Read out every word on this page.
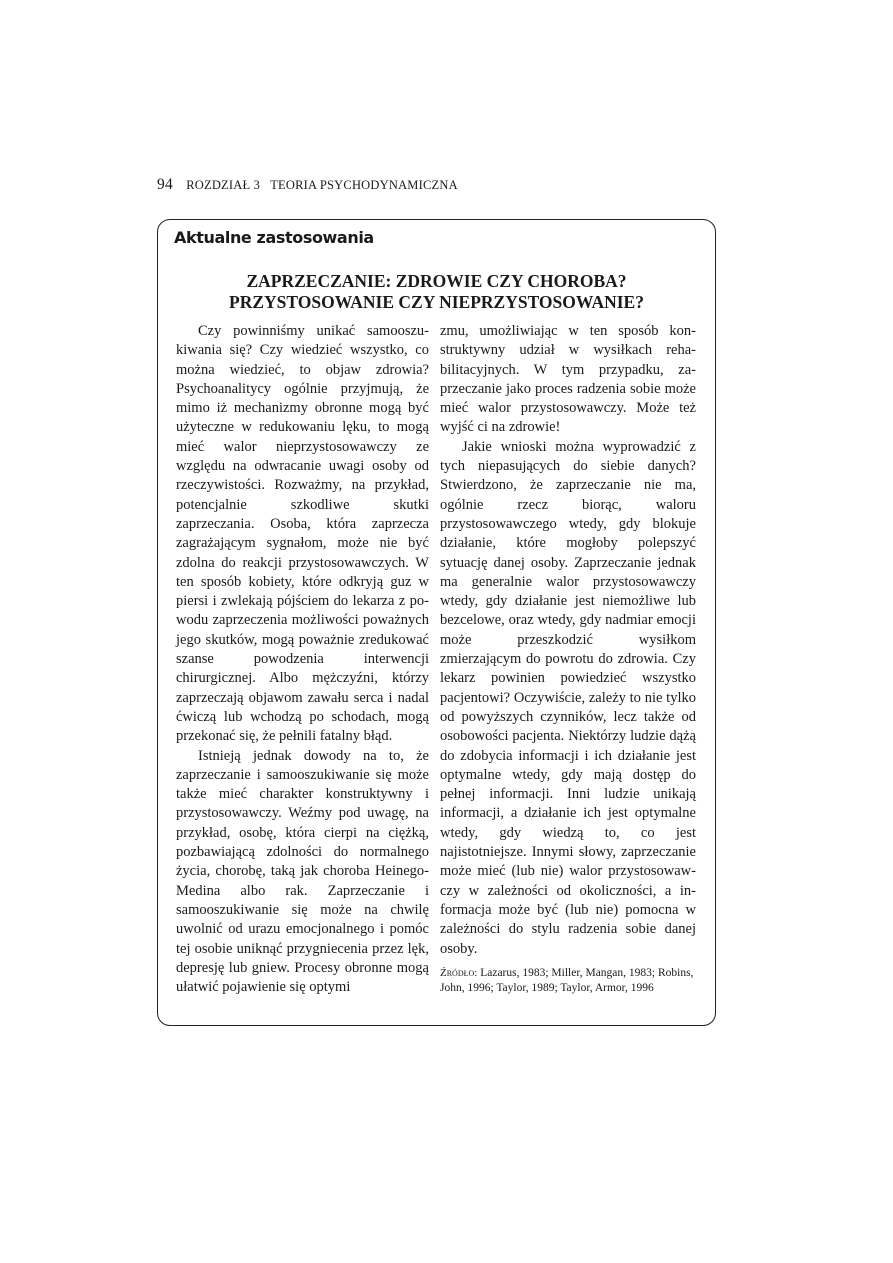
94 ROZDZIAŁ 3 TEORIA PSYCHODYNAMICZNA
Aktualne zastosowania
ZAPRZECZANIE: ZDROWIE CZY CHOROBA?
PRZYSTOSOWANIE CZY NIEPRZYSTOSOWANIE?

Czy powinniśmy unikać samooszukiwania się? Czy wiedzieć wszystko, co można wiedzieć, to objaw zdrowia? Psychoanalitycy ogólnie przyjmują, że mimo iż mechanizmy obronne mogą być użyteczne w redukowaniu lęku, to mogą mieć walor nieprzystosowawczy ze względu na odwracanie uwagi osoby od rzeczywistości. Rozważmy, na przykład, potencjalnie szkodliwe skutki zaprzeczania. Osoba, która zaprzecza zagrażającym sygnałom, może nie być zdolna do reakcji przystosowawczych. W ten sposób kobiety, które odkryją guz w piersi i zwlekają pójściem do lekarza z powodu zaprzeczenia możliwości poważnych jego skutków, mogą poważnie zredukować szanse powodzenia interwencji chirurgicznej. Albo mężczyźni, którzy zaprzeczają objawom zawału serca i nadal ćwiczą lub wchodzą po schodach, mogą przekonać się, że pełnili fatalny błąd.

Istnieją jednak dowody na to, że zaprzeczanie i samooszukiwanie się może także mieć charakter konstruktywny i przystosowawczy. Weźmy pod uwagę, na przykład, osobę, która cierpi na ciężką, pozbawiającą zdolności do normalnego życia, chorobę, taką jak choroba Heinego-Medina albo rak. Zaprzeczanie i samooszukiwanie się może na chwilę uwolnić od urazu emocjonalnego i pomóc tej osobie uniknąć przygniecenia przez lęk, depresję lub gniew. Procesy obronne mogą ułatwić pojawienie się optymi

zmu, umożliwiając w ten sposób konstruktywny udział w wysiłkach rehabilitacyjnych. W tym przypadku, zaprzeczanie jako proces radzenia sobie może mieć walor przystosowawczy. Może też wyjść ci na zdrowie!

Jakie wnioski można wyprowadzić z tych niepasujących do siebie danych? Stwierdzono, że zaprzeczanie nie ma, ogólnie rzecz biorąc, waloru przystosowawczego wtedy, gdy blokuje działanie, które mogłoby polepszyć sytuację danej osoby. Zaprzeczanie jednak ma generalnie walor przystosowawczy wtedy, gdy działanie jest niemożliwe lub bezcelowe, oraz wtedy, gdy nadmiar emocji może przeszkodzić wysiłkom zmierzającym do powrotu do zdrowia. Czy lekarz powinien powiedzieć wszystko pacjentowi? Oczywiście, zależy to nie tylko od powyższych czynników, lecz także od osobowości pacjenta. Niektórzy ludzie dążą do zdobycia informacji i ich działanie jest optymalne wtedy, gdy mają dostęp do pełnej informacji. Inni ludzie unikają informacji, a działanie ich jest optymalne wtedy, gdy wiedzą to, co jest najistotniejsze. Innymi słowy, zaprzeczanie może mieć (lub nie) walor przystosowawczy w zależności od okoliczności, a informacja może być (lub nie) pomocna w zależności do stylu radzenia sobie danej osoby.

Źródło: Lazarus, 1983; Miller, Mangan, 1983; Robins, John, 1996; Taylor, 1989; Taylor, Armor, 1996
